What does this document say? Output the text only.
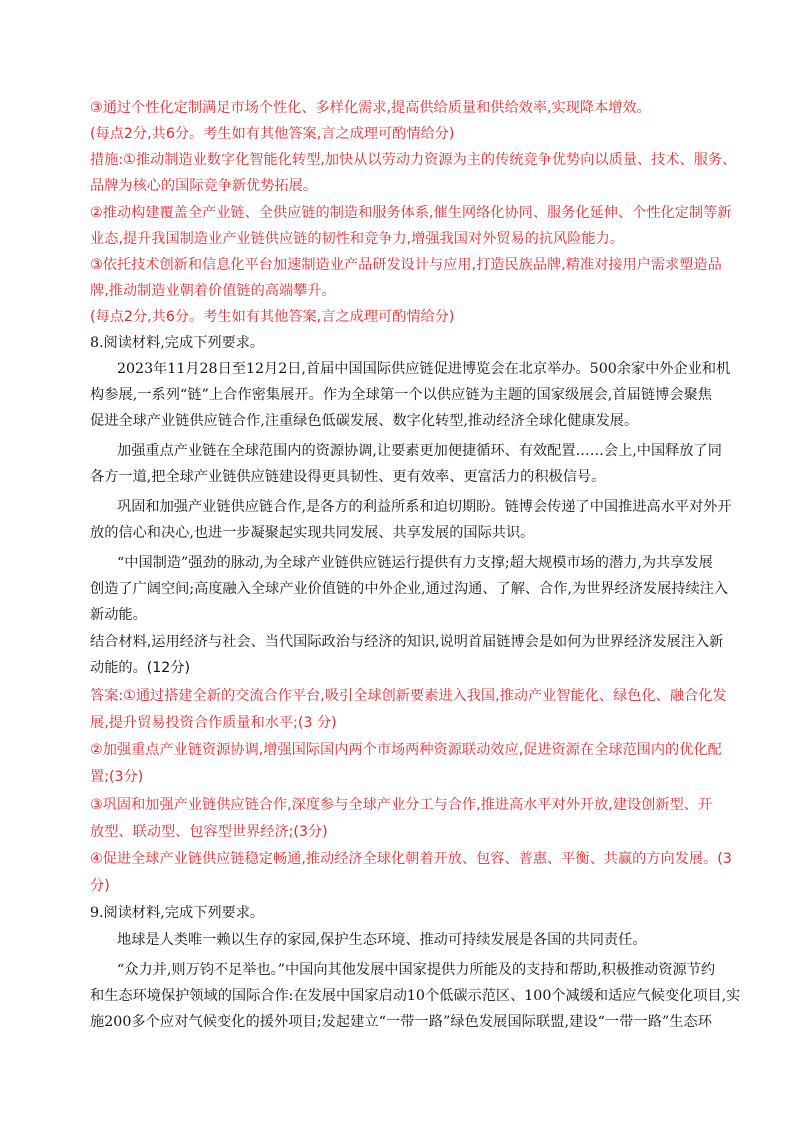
③通过个性化定制满足市场个性化、多样化需求,提高供给质量和供给效率,实现降本增效。
(每点2分,共6分。考生如有其他答案,言之成理可酌情给分)
措施:①推动制造业数字化智能化转型,加快从以劳动力资源为主的传统竞争优势向以质量、技术、服务、
品牌为核心的国际竞争新优势拓展。
②推动构建覆盖全产业链、全供应链的制造和服务体系,催生网络化协同、服务化延伸、个性化定制等新
业态,提升我国制造业产业链供应链的韧性和竞争力,增强我国对外贸易的抗风险能力。
③依托技术创新和信息化平台加速制造业产品研发设计与应用,打造民族品牌,精准对接用户需求塑造品
牌,推动制造业朝着价值链的高端攀升。
(每点2分,共6分。考生如有其他答案,言之成理可酌情给分)
8.阅读材料,完成下列要求。
2023年11月28日至12月2日,首届中国国际供应链促进博览会在北京举办。500余家中外企业和机
构参展,一系列“链”上合作密集展开。作为全球第一个以供应链为主题的国家级展会,首届链博会聚焦
促进全球产业链供应链合作,注重绿色低碳发展、数字化转型,推动经济全球化健康发展。
加强重点产业链在全球范围内的资源协调,让要素更加便捷循环、有效配置……会上,中国释放了同
各方一道,把全球产业链供应链建设得更具韧性、更有效率、更富活力的积极信号。
巩固和加强产业链供应链合作,是各方的利益所系和迫切期盼。链博会传递了中国推进高水平对外开
放的信心和决心,也进一步凝聚起实现共同发展、共享发展的国际共识。
“中国制造”强劲的脉动,为全球产业链供应链运行提供有力支撑;超大规模市场的潜力,为共享发展
创造了广阔空间;高度融入全球产业价值链的中外企业,通过沟通、了解、合作,为世界经济发展持续注入
新动能。
结合材料,运用经济与社会、当代国际政治与经济的知识,说明首届链博会是如何为世界经济发展注入新
动能的。(12分)
答案:①通过搭建全新的交流合作平台,吸引全球创新要素进入我国,推动产业智能化、绿色化、融合化发
展,提升贸易投资合作质量和水平;(3 分)
②加强重点产业链资源协调,增强国际国内两个市场两种资源联动效应,促进资源在全球范围内的优化配
置;(3分)
③巩固和加强产业链供应链合作,深度参与全球产业分工与合作,推进高水平对外开放,建设创新型、开
放型、联动型、包容型世界经济;(3分)
④促进全球产业链供应链稳定畅通,推动经济全球化朝着开放、包容、普惠、平衡、共赢的方向发展。(3
分)
9.阅读材料,完成下列要求。
地球是人类唯一赖以生存的家园,保护生态环境、推动可持续发展是各国的共同责任。
“众力并,则万钧不足举也。”中国向其他发展中国家提供力所能及的支持和帮助,积极推动资源节约
和生态环境保护领域的国际合作:在发展中国家启动10个低碳示范区、100个减缓和适应气候变化项目,实
施200多个应对气候变化的援外项目;发起建立“一带一路”绿色发展国际联盟,建设“一带一路”生态环
